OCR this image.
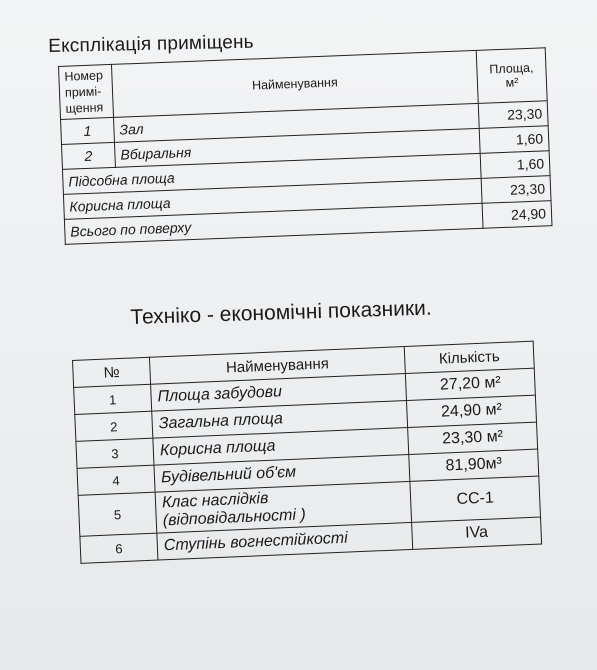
Експлікація приміщень
Номер примі-щення	Найменування	Площа, м²
1	Зал	23,30
2	Вбиральня	1,60
Підсобна площа		1,60
Корисна площа		23,30
Всього по поверху		24,90
Техніко - економічні показники.
№	Найменування	Кількість
1	Площа забудови	27,20 м²
2	Загальна площа	24,90 м²
3	Корисна площа	23,30 м²
4	Будівельний об'єм	81,90м³
5	Клас наслідків (відповідальності )	СС-1
6	Ступінь вогнестійкості	IVa
